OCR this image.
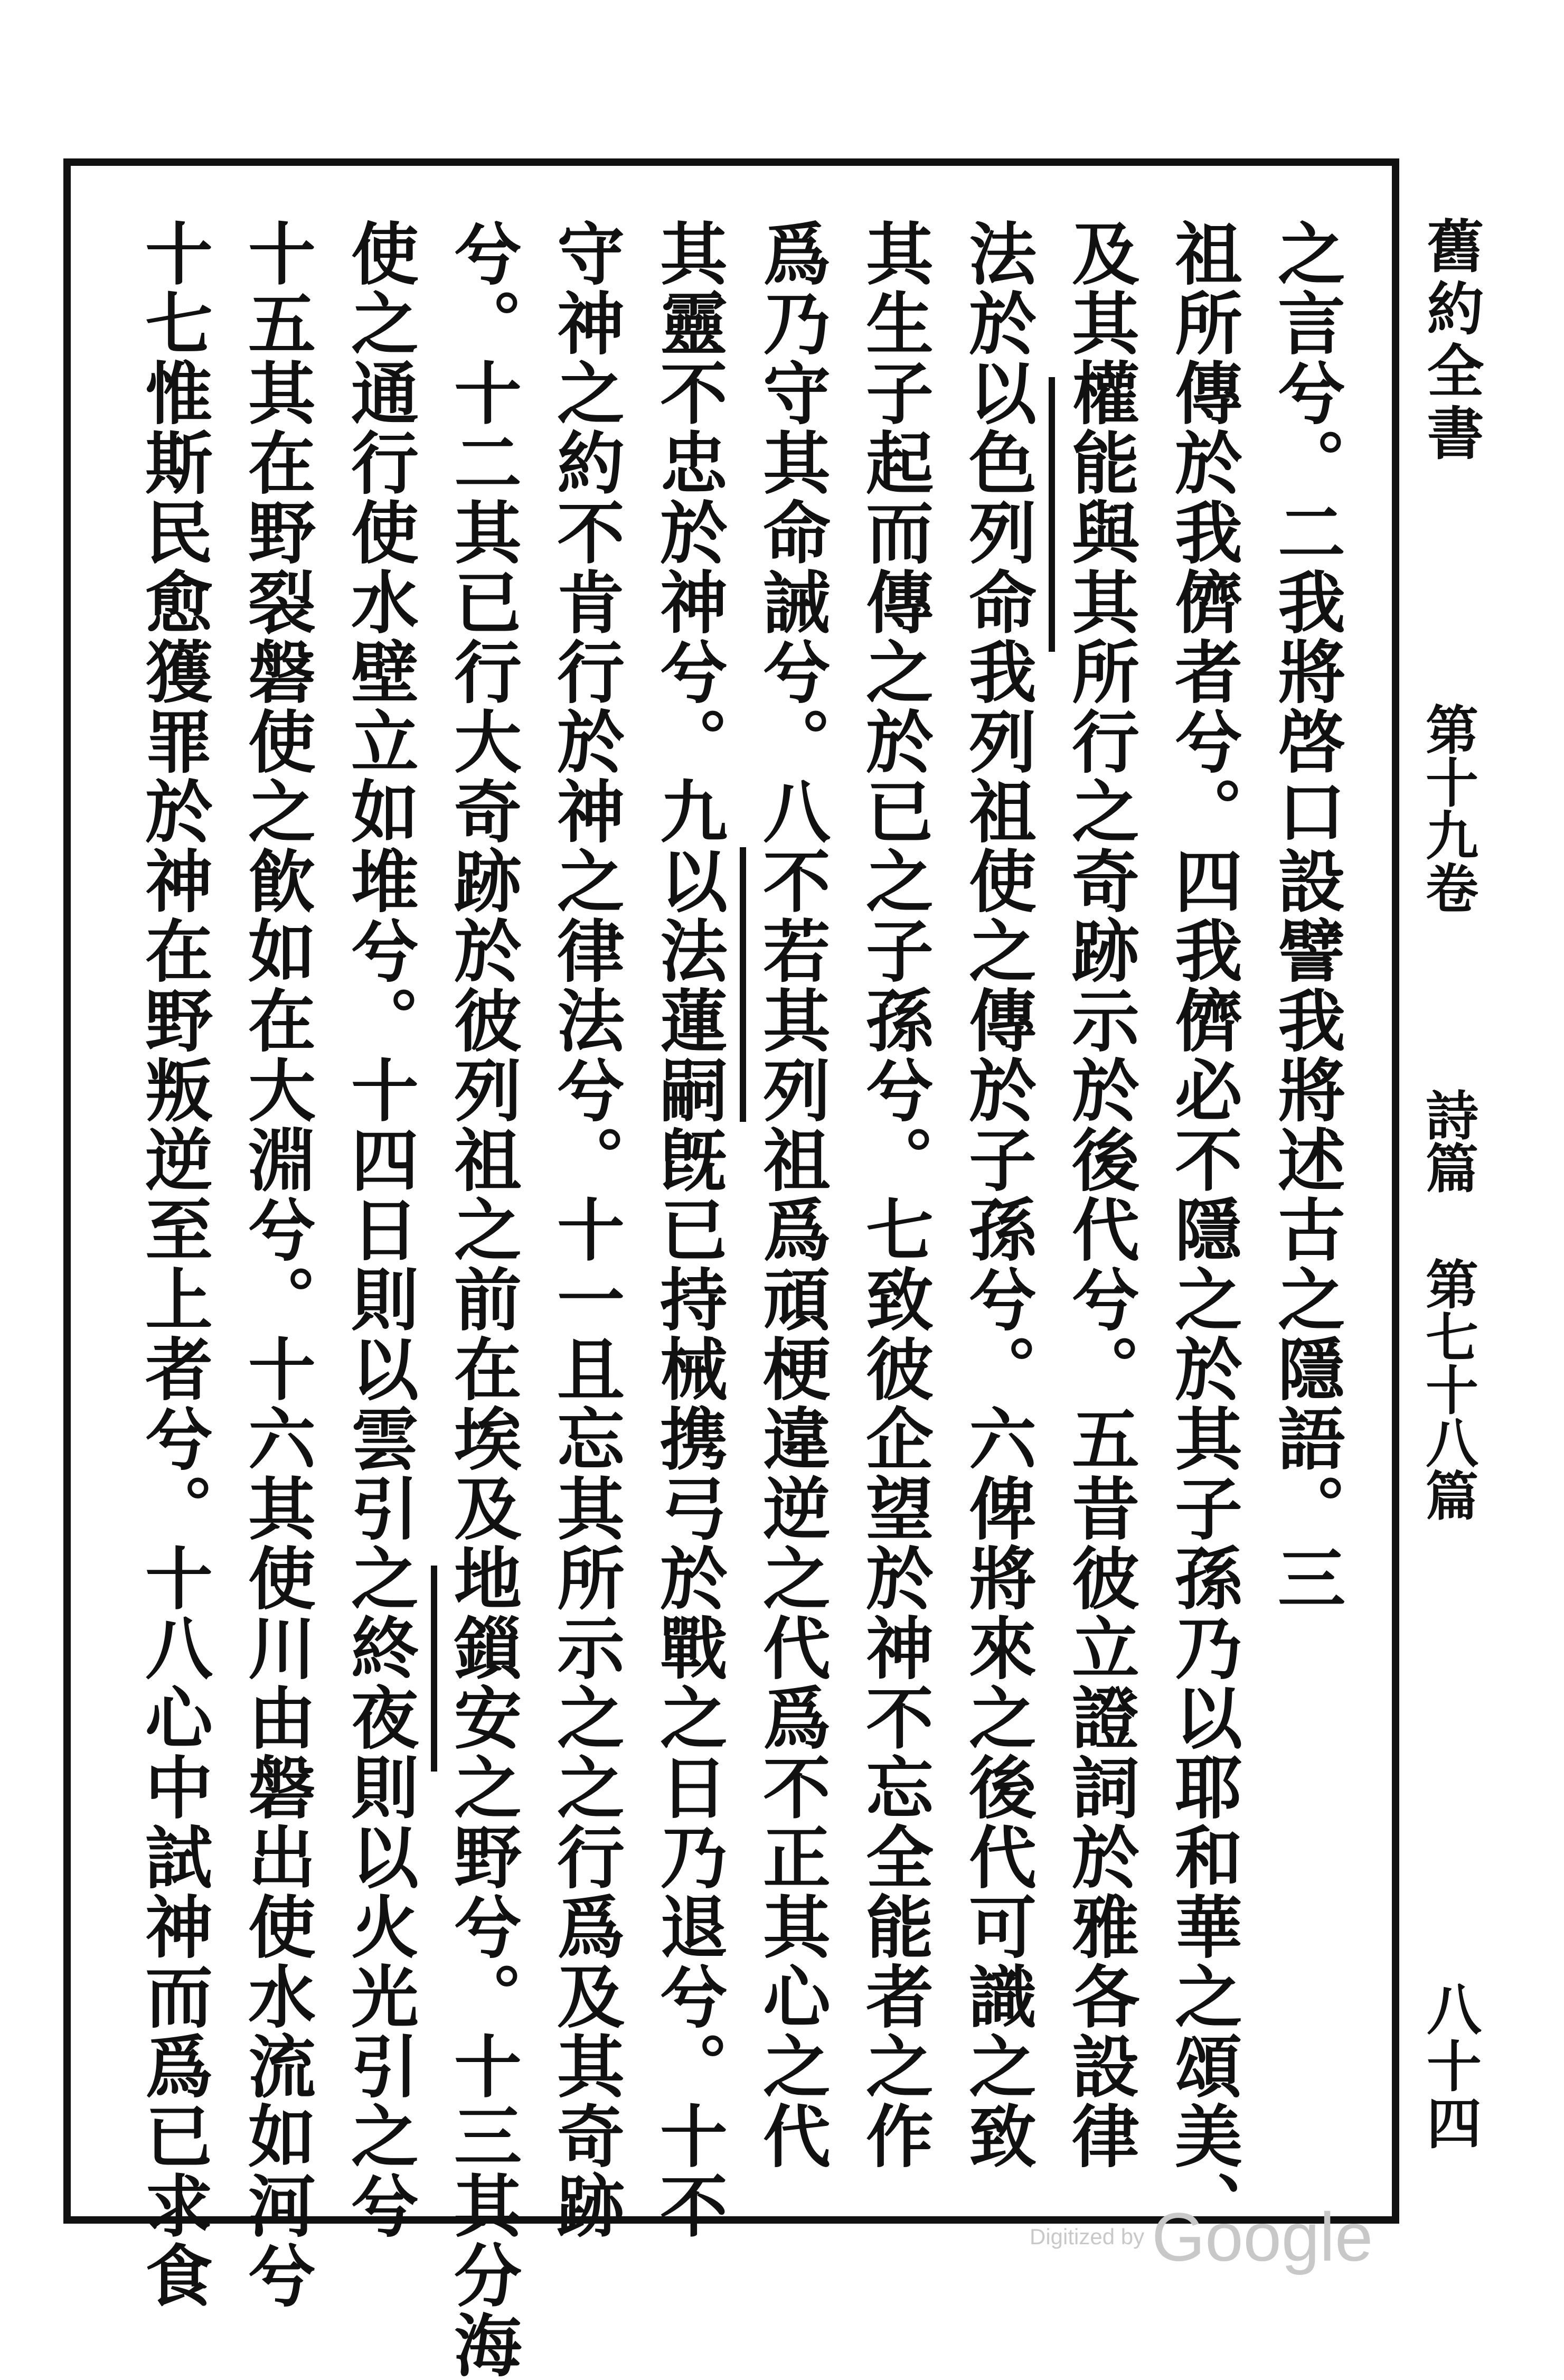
之言兮。二我將啓口設譬我將述古之隱語。三
祖所傳於我儕者兮。四我儕必不隱之於其子孫乃以耶和華之頌美、
及其權能與其所行之奇跡示於後代兮。五昔彼立證詞於雅各設律
法於以色列命我列祖使之傳於子孫兮。六俾將來之後代可識之致
其生子起而傳之於已之子孫兮。七致彼企望於神不忘全能者之作
爲乃守其命誡兮。八不若其列祖爲頑梗違逆之代爲不正其心之代
其靈不忠於神兮。九以法蓮嗣旣已持械携弓於戰之日乃退兮。十不
守神之約不肯行於神之律法兮。十一且忘其所示之之行爲及其奇跡
兮。十二其已行大奇跡於彼列祖之前在埃及地鎻安之野兮。十三其分海
使之通行使水壁立如堆兮。十四日則以雲引之終夜則以火光引之兮
十五其在野裂磐使之飮如在大淵兮。十六其使川由磐出使水流如河兮
十七惟斯民愈獲罪於神在野叛逆至上者兮。十八心中試神而爲已求食	舊約全書
第十九卷
詩篇
第七十八篇
八十四
Digitized by Google
